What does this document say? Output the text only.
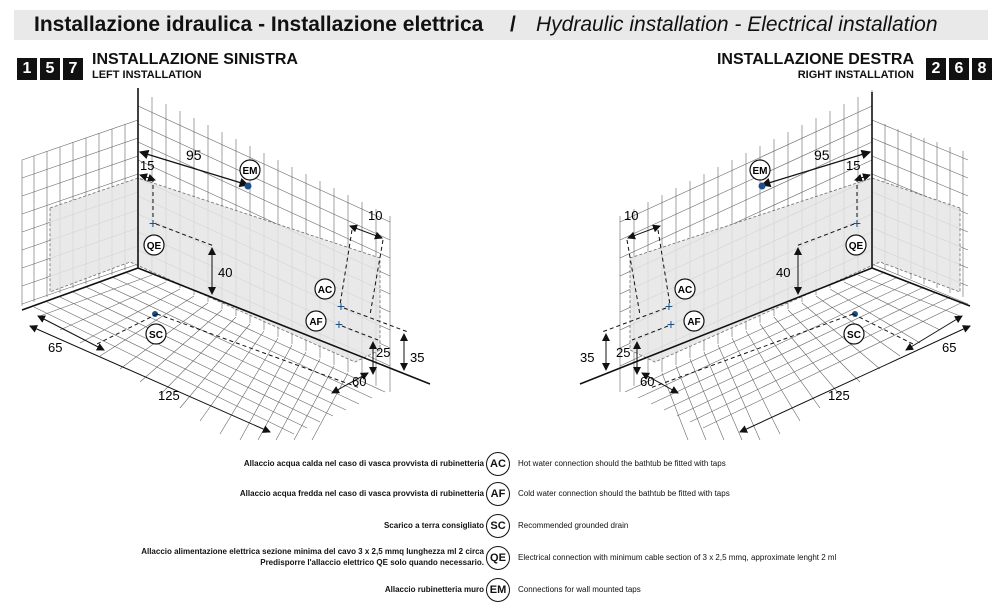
Installazione idraulica - Installazione elettrica / Hydraulic installation - Electrical installation
1 5 7
INSTALLAZIONE SINISTRA
LEFT INSTALLATION
INSTALLAZIONE DESTRA
RIGHT INSTALLATION	2 6 8
95
15	EM
+
QE
40
10
+
+
AC
AF
25 35
SC
65
125
60
95
15
EM
+
QE
40
10
+
+
AC
AF
25
35
SC
65
125
60
Allaccio acqua calda nel caso di vasca provvista di rubinetteria AC	Hot water connection should the bathtub be fitted with taps
Allaccio acqua fredda nel caso di vasca provvista di rubinetteria AF	Cold water connection should the bathtub be fitted with taps
Scarico a terra consigliato SC	Recommended grounded drain
Allaccio alimentazione elettrica sezione minima del cavo 3 x 2,5 mmq lunghezza ml 2 circa
Predisporre l'allaccio elettrico QE solo quando necessario. QE	Electrical connection with minimum cable section of 3 x 2,5 mmq, approximate lenght 2 ml
Allaccio rubinetteria muro EM	Connections for wall mounted taps
